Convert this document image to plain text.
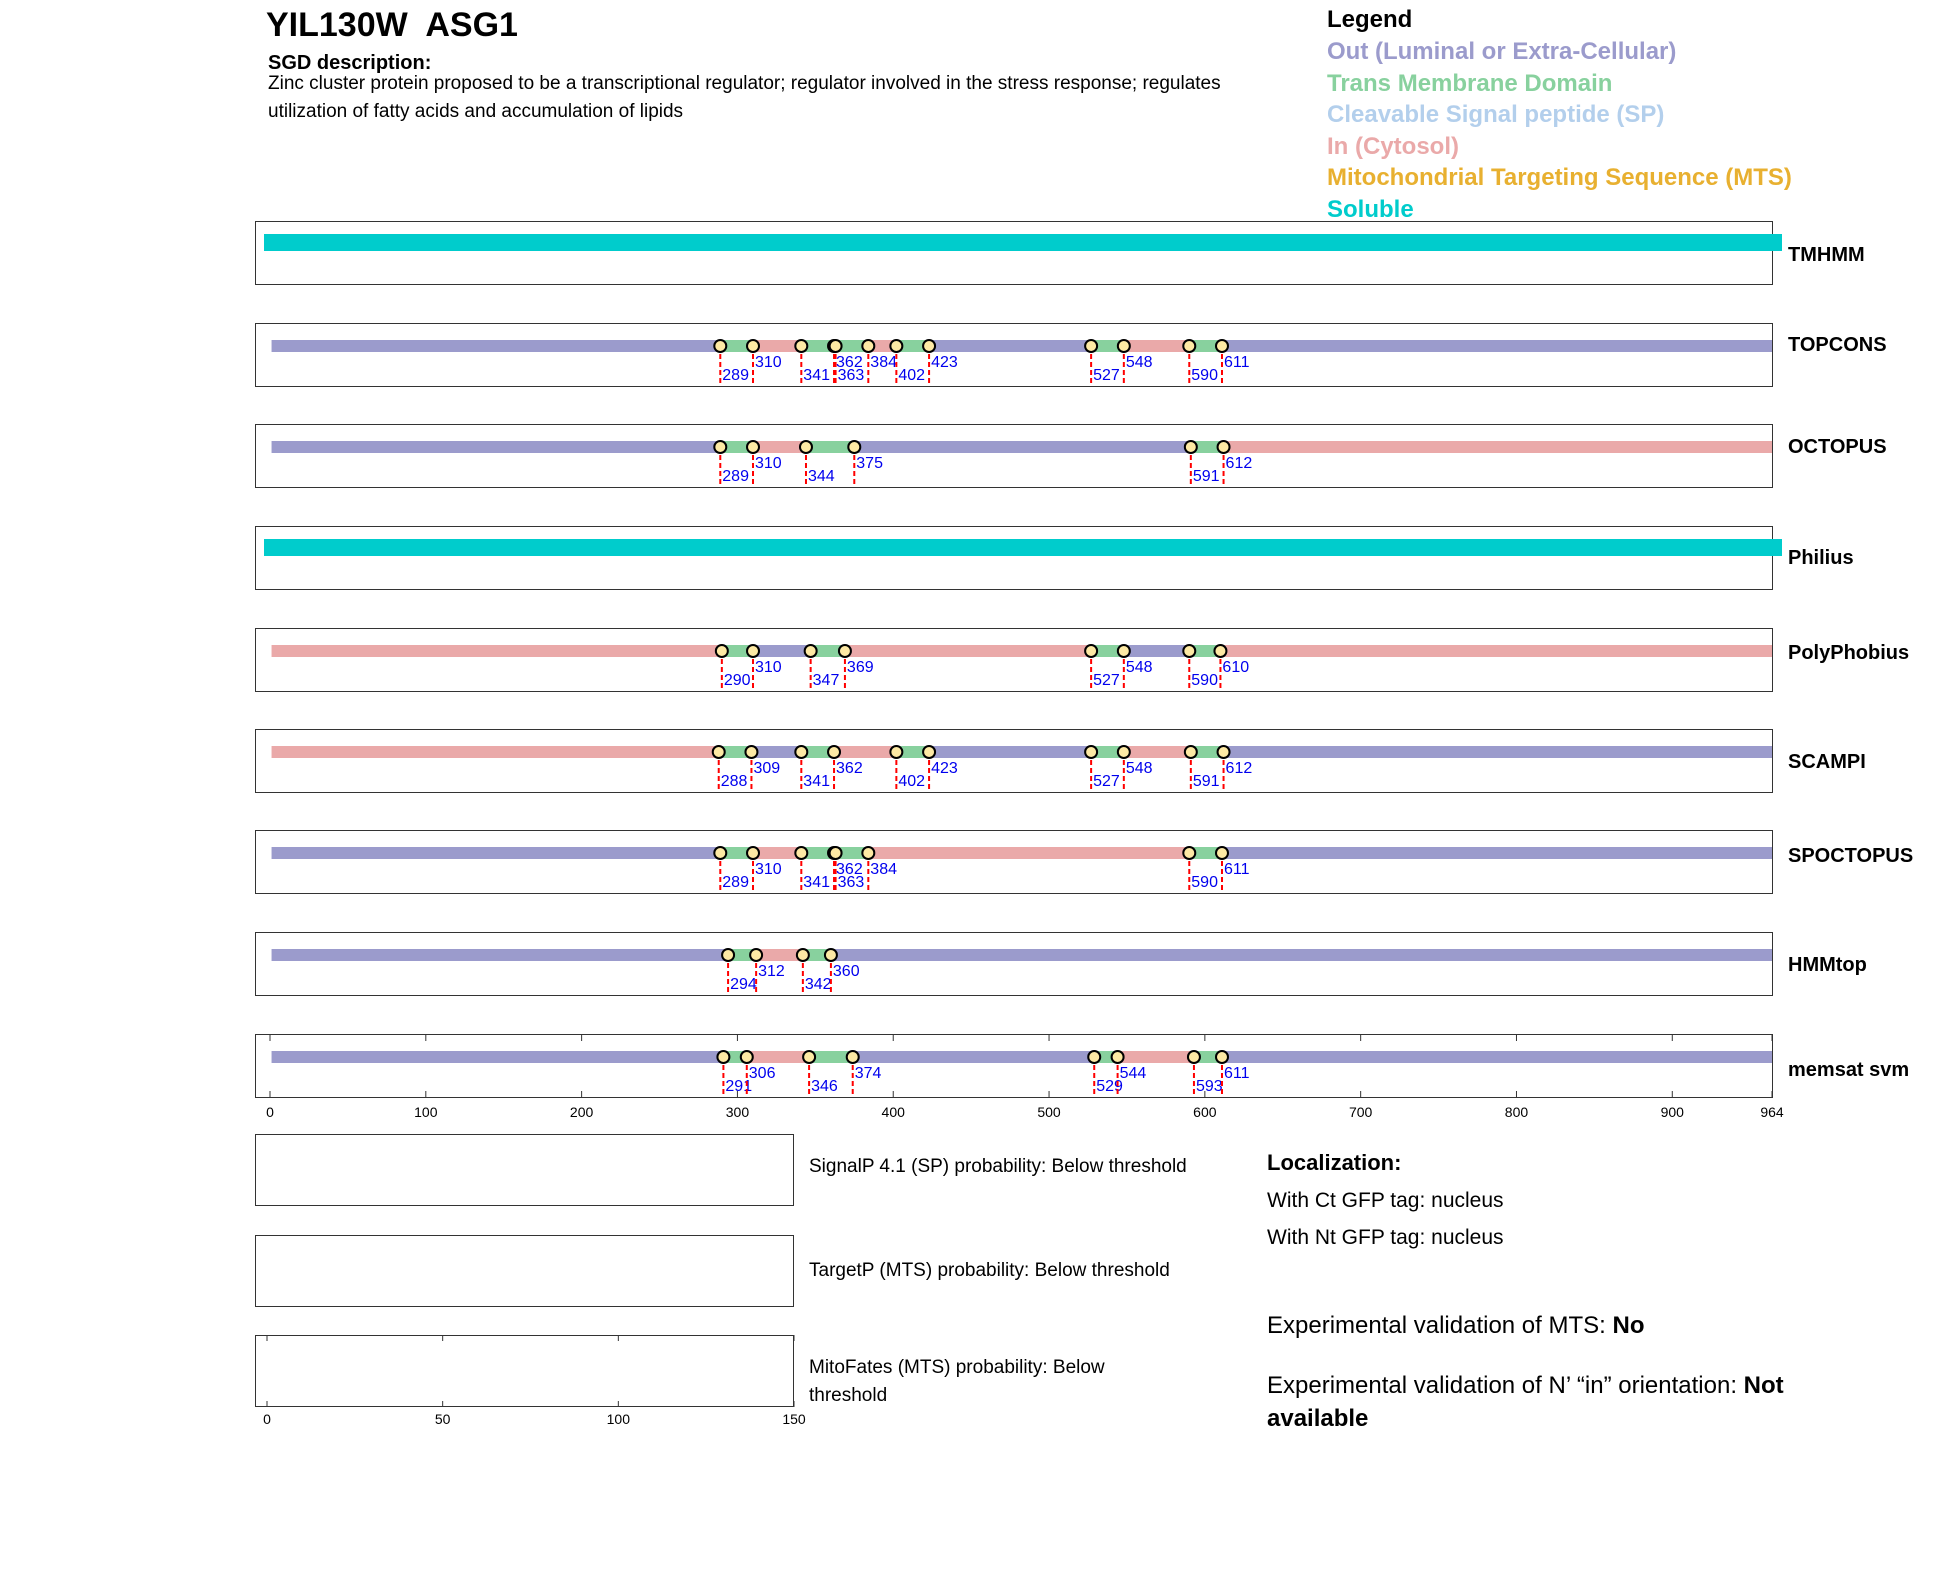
YIL130W  ASG1
SGD description:
Zinc cluster protein proposed to be a transcriptional regulator; regulator involved in the stress response; regulates utilization of fatty acids and accumulation of lipids
Legend
Out (Luminal or Extra-Cellular)
Trans Membrane Domain
Cleavable Signal peptide (SP)
In (Cytosol)
Mitochondrial Targeting Sequence (MTS)
Soluble
TMHMM
TOPCONS
OCTOPUS
Philius
PolyPhobius
SCAMPI
SPOCTOPUS
HMMtop
memsat svm
289
310
341
362
363
384
402
423
527
548
590
611
289
310
344
375
591
612
290
310
347
369
527
548
590
610
288
309
341
362
402
423
527
548
591
612
289
310
341
362
363
384
590
611
294
312
342
360
291
306
346
374
529
544
593
611
0	100	200	300	400	500	600	700	800	900	964
SignalP 4.1 (SP) probability: Below threshold
TargetP (MTS) probability: Below threshold
MitoFates (MTS) probability: Below threshold
0	50	100	150
Localization:
With Ct GFP tag: nucleus
With Nt GFP tag: nucleus
Experimental validation of MTS: No
Experimental validation of N’ “in” orientation: Not available
